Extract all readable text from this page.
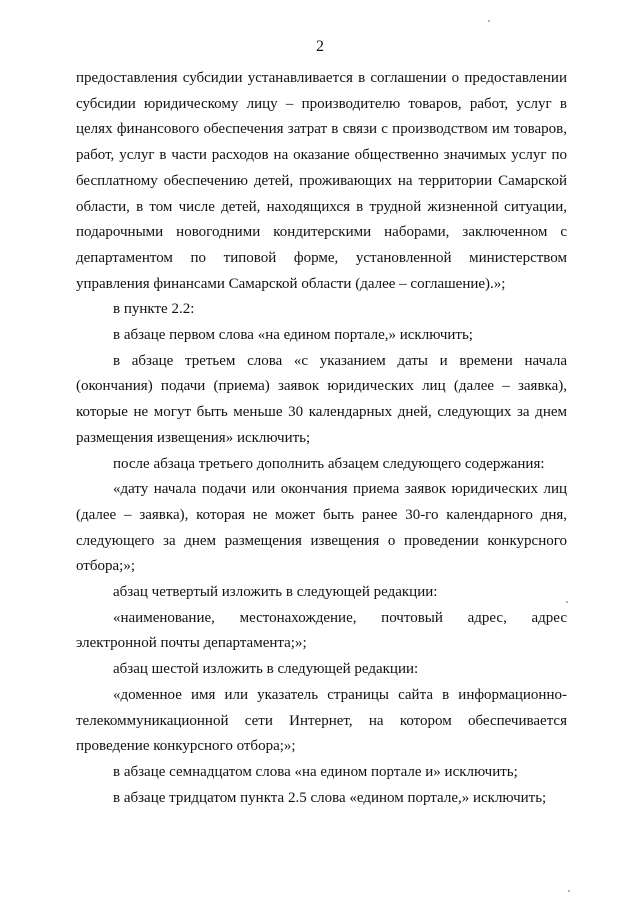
2

предоставления субсидии устанавливается в соглашении о предоставлении субсидии юридическому лицу – производителю товаров, работ, услуг в целях финансового обеспечения затрат в связи с производством им товаров, работ, услуг в части расходов на оказание общественно значимых услуг по бесплатному обеспечению детей, проживающих на территории Самарской области, в том числе детей, находящихся в трудной жизненной ситуации, подарочными новогодними кондитерскими наборами, заключенном с департаментом по типовой форме, установленной министерством управления финансами Самарской области (далее – соглашение).»;

в пункте 2.2:

в абзаце первом слова «на едином портале,» исключить;

в абзаце третьем слова «с указанием даты и времени начала (окончания) подачи (приема) заявок юридических лиц (далее – заявка), которые не могут быть меньше 30 календарных дней, следующих за днем размещения извещения» исключить;

после абзаца третьего дополнить абзацем следующего содержания:

«дату начала подачи или окончания приема заявок юридических лиц (далее – заявка), которая не может быть ранее 30-го календарного дня, следующего за днем размещения извещения о проведении конкурсного отбора;»;

абзац четвертый изложить в следующей редакции:

«наименование, местонахождение, почтовый адрес, адрес электронной почты департамента;»;

абзац шестой изложить в следующей редакции:

«доменное имя или указатель страницы сайта в информационно-телекоммуникационной сети Интернет, на котором обеспечивается проведение конкурсного отбора;»;

в абзаце семнадцатом слова «на едином портале и» исключить;

в абзаце тридцатом пункта 2.5 слова «едином портале,» исключить;
